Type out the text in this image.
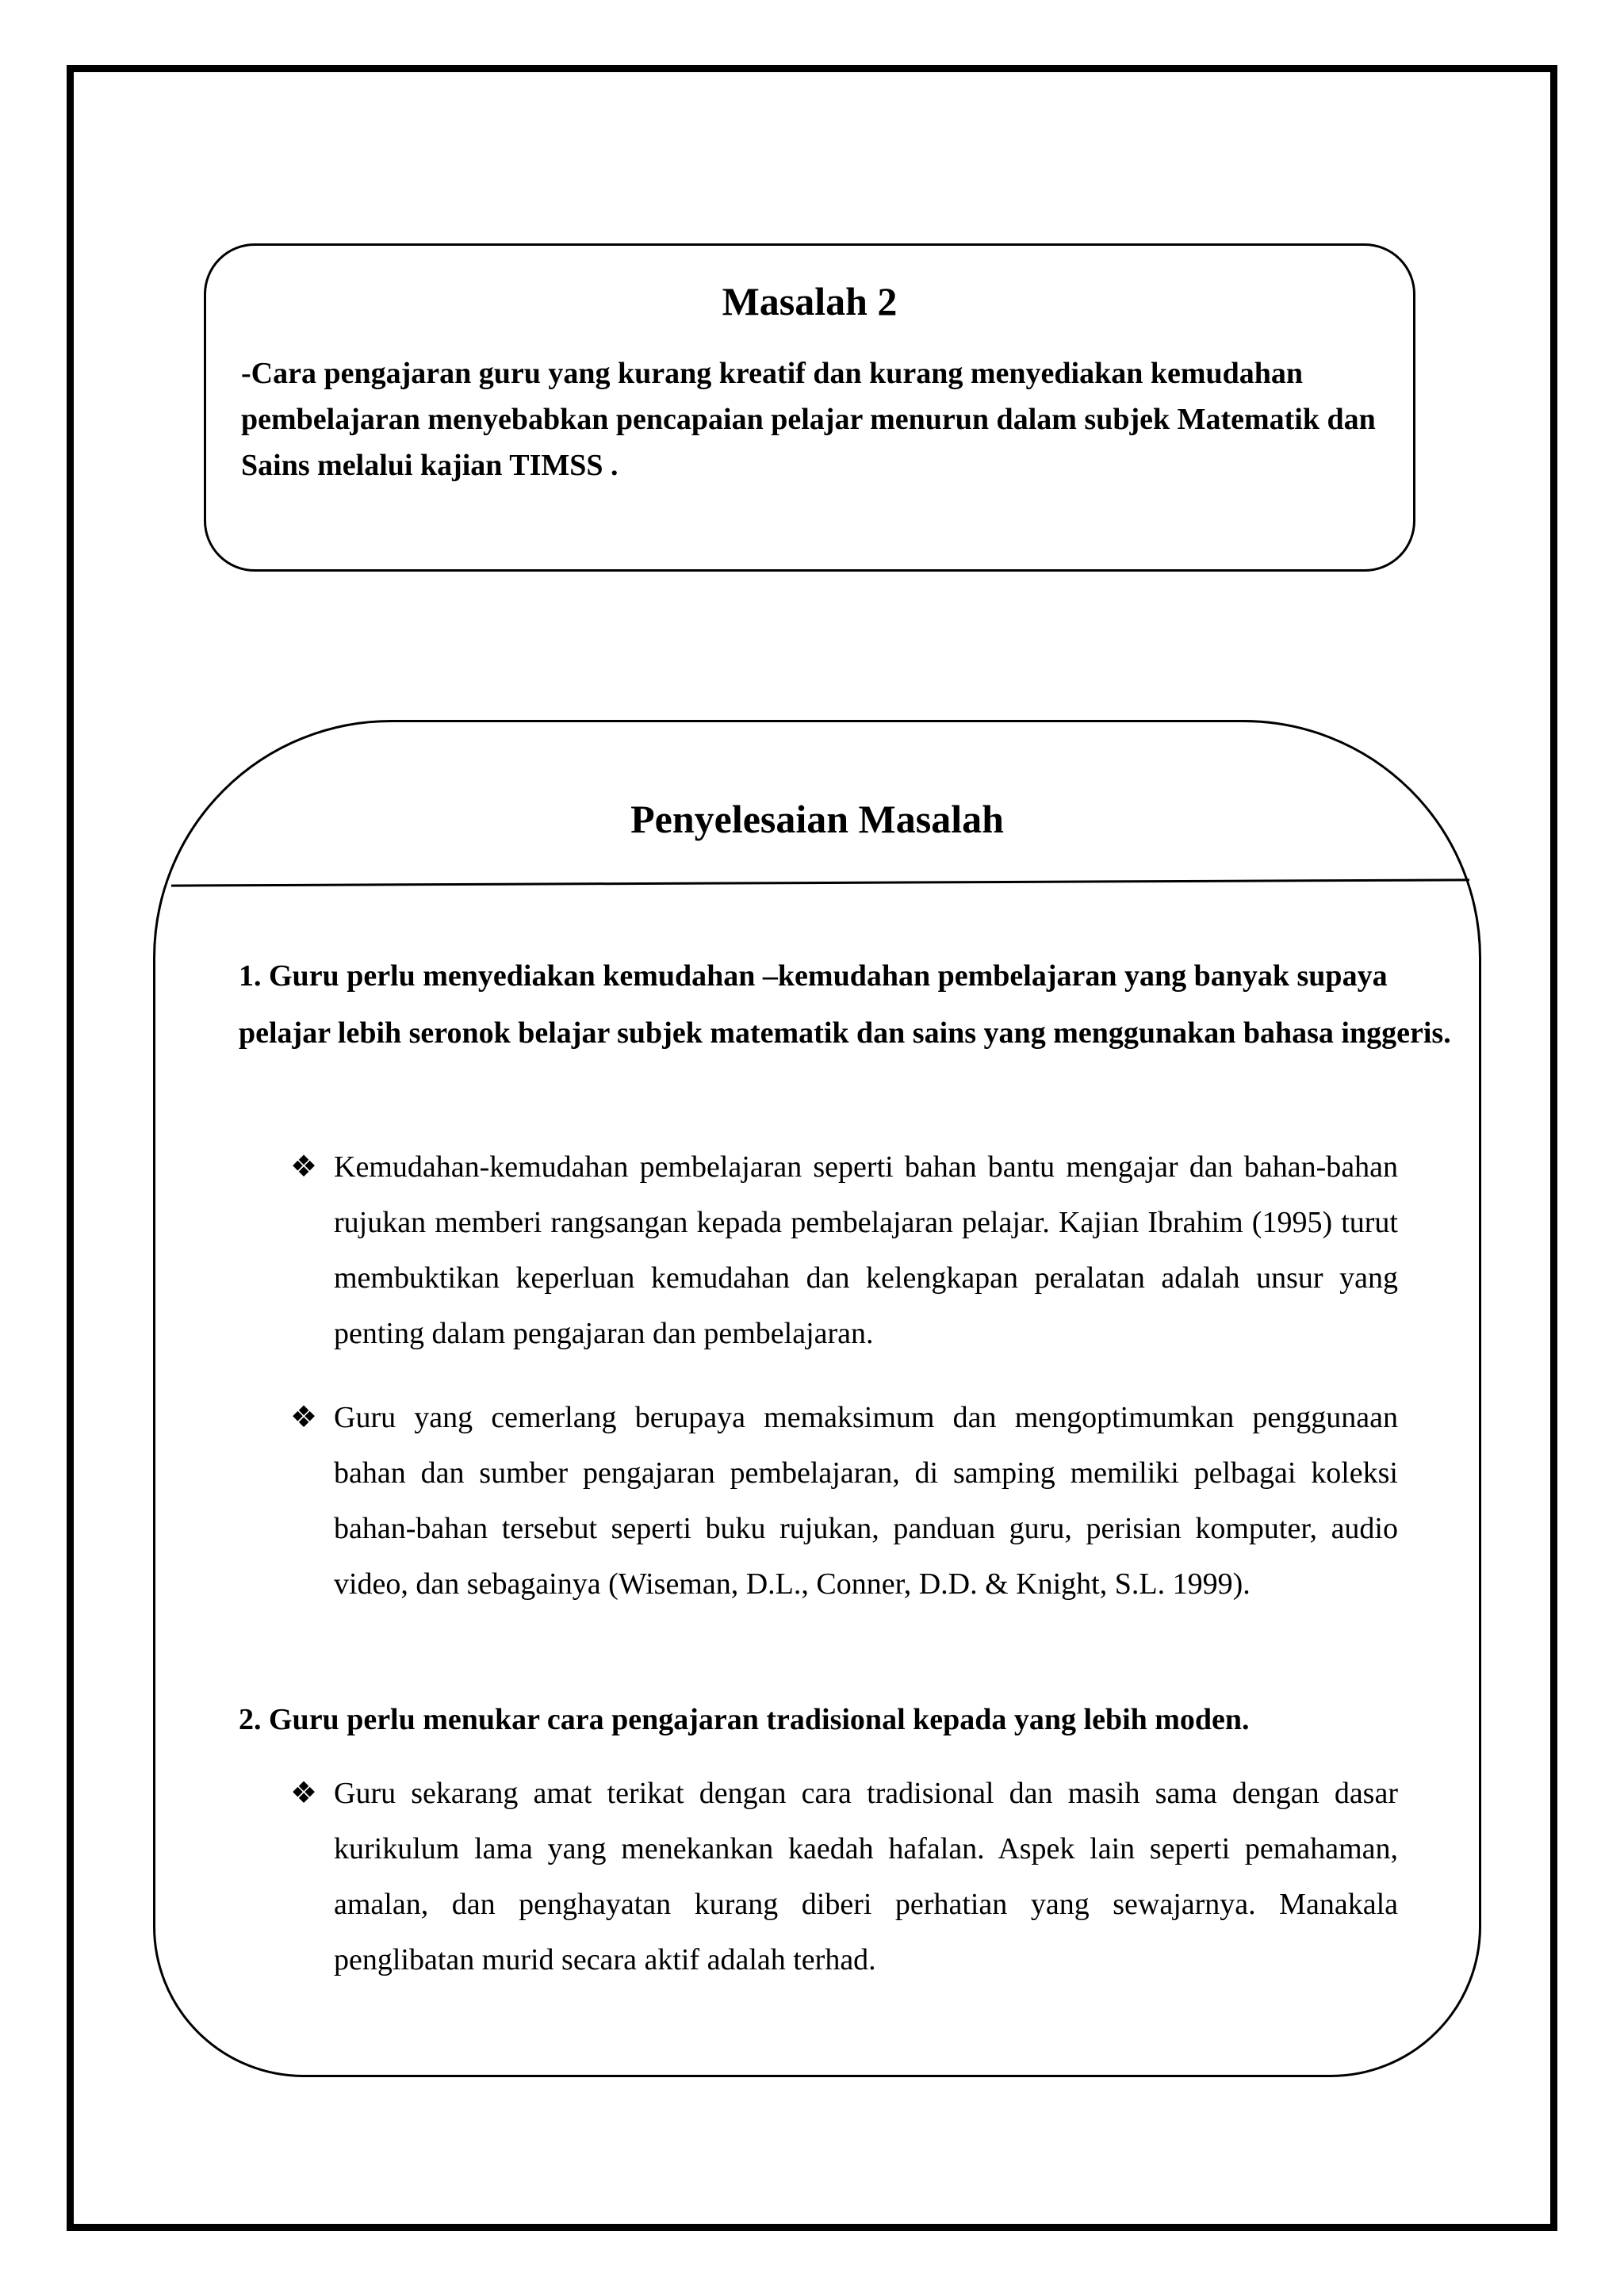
Masalah 2

-Cara pengajaran guru yang kurang kreatif dan kurang menyediakan kemudahan pembelajaran menyebabkan pencapaian pelajar menurun dalam subjek Matematik dan Sains melalui kajian TIMSS .

Penyelesaian Masalah

1. Guru perlu menyediakan kemudahan –kemudahan pembelajaran yang banyak supaya pelajar lebih seronok belajar subjek matematik dan sains yang menggunakan bahasa inggeris.

❖ Kemudahan-kemudahan pembelajaran seperti bahan bantu mengajar dan bahan-bahan rujukan memberi rangsangan kepada pembelajaran pelajar. Kajian Ibrahim (1995) turut membuktikan keperluan kemudahan dan kelengkapan peralatan adalah unsur yang penting dalam pengajaran dan pembelajaran.

❖ Guru yang cemerlang berupaya memaksimum dan mengoptimumkan penggunaan bahan dan sumber pengajaran pembelajaran, di samping memiliki pelbagai koleksi bahan-bahan tersebut seperti buku rujukan, panduan guru, perisian komputer, audio video, dan sebagainya (Wiseman, D.L., Conner, D.D. & Knight, S.L. 1999).

2. Guru perlu menukar cara pengajaran tradisional kepada yang lebih moden.

❖ Guru sekarang amat terikat dengan cara tradisional dan masih sama dengan dasar kurikulum lama yang menekankan kaedah hafalan. Aspek lain seperti pemahaman, amalan, dan penghayatan kurang diberi perhatian yang sewajarnya. Manakala penglibatan murid secara aktif adalah terhad.
